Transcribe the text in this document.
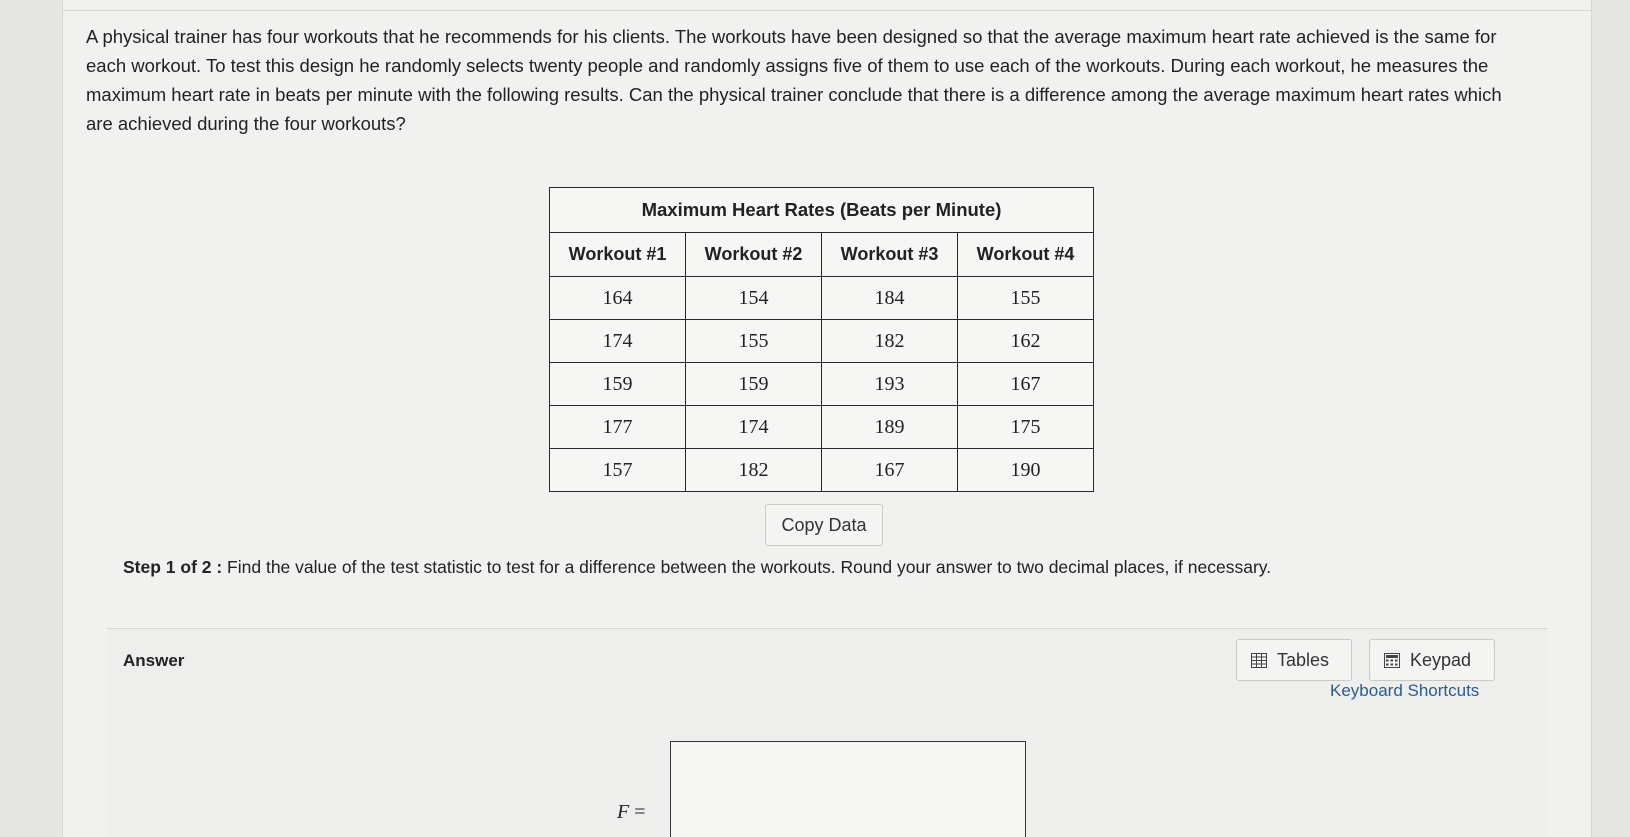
A physical trainer has four workouts that he recommends for his clients. The workouts have been designed so that the average maximum heart rate achieved is the same for each workout. To test this design he randomly selects twenty people and randomly assigns five of them to use each of the workouts. During each workout, he measures the maximum heart rate in beats per minute with the following results. Can the physical trainer conclude that there is a difference among the average maximum heart rates which are achieved during the four workouts?

Maximum Heart Rates (Beats per Minute)			
Workout #1	Workout #2	Workout #3	Workout #4
164	154	184	155
174	155	182	162
159	159	193	167
177	174	189	175
157	182	167	190
Copy Data
Step 1 of 2 : Find the value of the test statistic to test for a difference between the workouts. Round your answer to two decimal places, if necessary.
Answer	Tables	Keypad
Keyboard Shortcuts
F =
